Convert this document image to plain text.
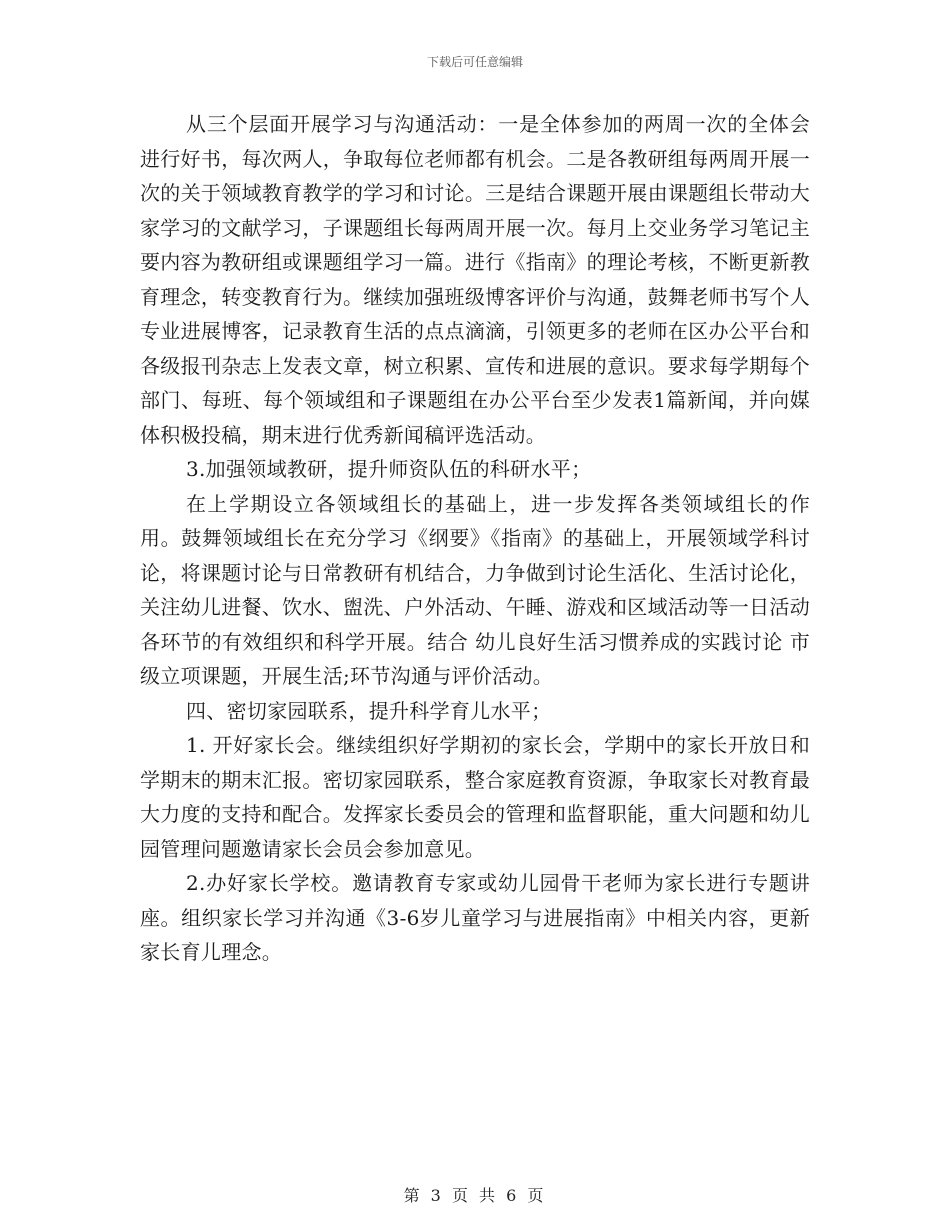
下载后可任意编辑

从三个层面开展学习与沟通活动：一是全体参加的两周一次的全体会进行好书，每次两人，争取每位老师都有机会。二是各教研组每两周开展一次的关于领域教育教学的学习和讨论。三是结合课题开展由课题组长带动大家学习的文献学习，子课题组长每两周开展一次。每月上交业务学习笔记主要内容为教研组或课题组学习一篇。进行《指南》的理论考核，不断更新教育理念，转变教育行为。继续加强班级博客评价与沟通，鼓舞老师书写个人专业进展博客，记录教育生活的点点滴滴，引领更多的老师在区办公平台和各级报刊杂志上发表文章，树立积累、宣传和进展的意识。要求每学期每个部门、每班、每个领域组和子课题组在办公平台至少发表1篇新闻，并向媒体积极投稿，期末进行优秀新闻稿评选活动。

3.加强领域教研，提升师资队伍的科研水平；

在上学期设立各领域组长的基础上，进一步发挥各类领域组长的作用。鼓舞领域组长在充分学习《纲要》《指南》的基础上，开展领域学科讨论，将课题讨论与日常教研有机结合，力争做到讨论生活化、生活讨论化，关注幼儿进餐、饮水、盥洗、户外活动、午睡、游戏和区域活动等一日活动各环节的有效组织和科学开展。结合 幼儿良好生活习惯养成的实践讨论 市级立项课题，开展生活;环节沟通与评价活动。

四、密切家园联系，提升科学育儿水平；

1. 开好家长会。继续组织好学期初的家长会，学期中的家长开放日和学期末的期末汇报。密切家园联系，整合家庭教育资源，争取家长对教育最大力度的支持和配合。发挥家长委员会的管理和监督职能，重大问题和幼儿园管理问题邀请家长会员会参加意见。

2.办好家长学校。邀请教育专家或幼儿园骨干老师为家长进行专题讲座。组织家长学习并沟通《3-6岁儿童学习与进展指南》中相关内容，更新家长育儿理念。

第 3 页 共 6 页
